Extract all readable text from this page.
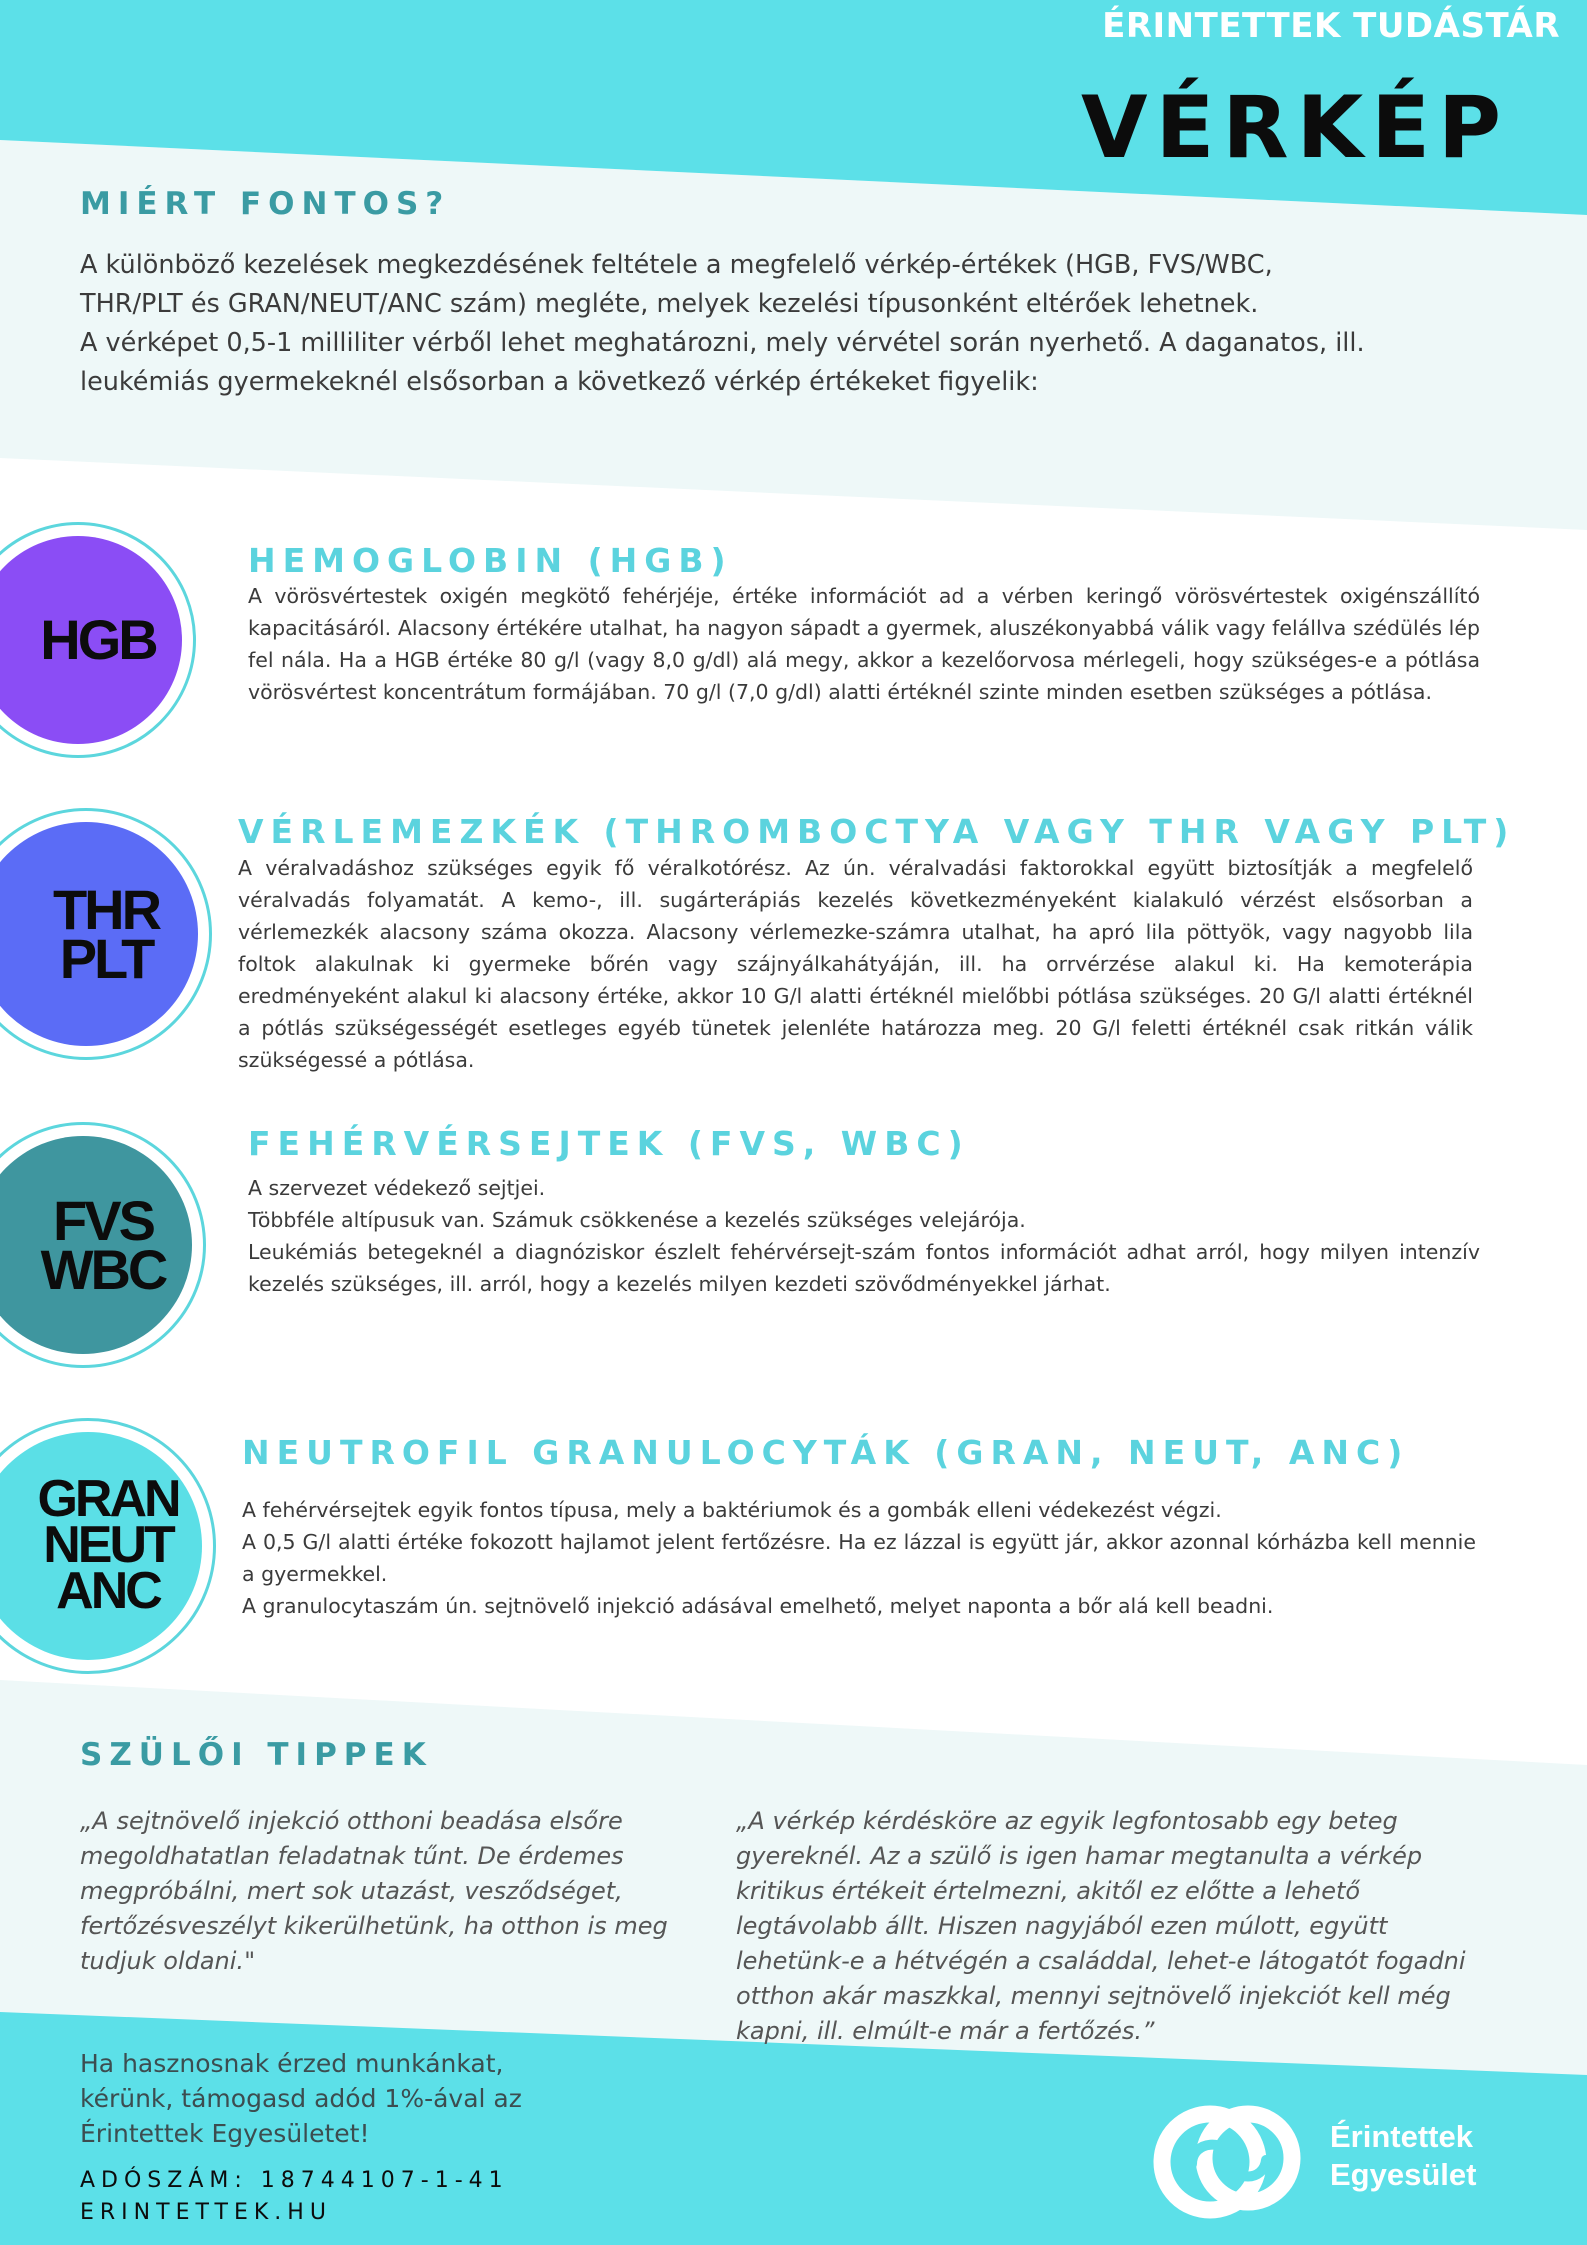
ÉRINTETTEK TUDÁSTÁR
VÉRKÉP
MIÉRT FONTOS?

A különböző kezelések megkezdésének feltétele a megfelelő vérkép-értékek (HGB, FVS/WBC, THR/PLT és GRAN/NEUT/ANC szám) megléte, melyek kezelési típusonként eltérőek lehetnek.

A vérképet 0,5-1 milliliter vérből lehet meghatározni, mely vérvétel során nyerhető. A daganatos, ill. leukémiás gyermekeknél elsősorban a következő vérkép értékeket figyelik:

HGB
HEMOGLOBIN (HGB)

A vörösvértestek oxigén megkötő fehérjéje, értéke információt ad a vérben keringő vörösvértestek oxigénszállító kapacitásáról. Alacsony értékére utalhat, ha nagyon sápadt a gyermek, aluszékonyabbá válik vagy felállva szédülés lép fel nála. Ha a HGB értéke 80 g/l (vagy 8,0 g/dl) alá megy, akkor a kezelőorvosa mérlegeli, hogy szükséges-e a pótlása vörösvértest koncentrátum formájában. 70 g/l (7,0 g/dl) alatti értéknél szinte minden esetben szükséges a pótlása.

THR
PLT
VÉRLEMEZKÉK (THROMBOCTYA VAGY THR VAGY PLT)

A véralvadáshoz szükséges egyik fő véralkotórész. Az ún. véralvadási faktorokkal együtt biztosítják a megfelelő véralvadás folyamatát. A kemo-, ill. sugárterápiás kezelés következményeként kialakuló vérzést elsősorban a vérlemezkék alacsony száma okozza. Alacsony vérlemezke-számra utalhat, ha apró lila pöttyök, vagy nagyobb lila foltok alakulnak ki gyermeke bőrén vagy szájnyálkahátyáján, ill. ha orrvérzése alakul ki. Ha kemoterápia eredményeként alakul ki alacsony értéke, akkor 10 G/l alatti értéknél mielőbbi pótlása szükséges. 20 G/l alatti értéknél a pótlás szükségességét esetleges egyéb tünetek jelenléte határozza meg. 20 G/l feletti értéknél csak ritkán válik szükségessé a pótlása.

FVS
WBC
FEHÉRVÉRSEJTEK (FVS, WBC)

A szervezet védekező sejtjei.

Többféle altípusuk van. Számuk csökkenése a kezelés szükséges velejárója.

Leukémiás betegeknél a diagnóziskor észlelt fehérvérsejt-szám fontos információt adhat arról, hogy milyen intenzív kezelés szükséges, ill. arról, hogy a kezelés milyen kezdeti szövődményekkel járhat.

GRAN
NEUT
ANC
NEUTROFIL GRANULOCYTÁK (GRAN, NEUT, ANC)

A fehérvérsejtek egyik fontos típusa, mely a baktériumok és a gombák elleni védekezést végzi.

A 0,5 G/l alatti értéke fokozott hajlamot jelent fertőzésre. Ha ez lázzal is együtt jár, akkor azonnal kórházba kell mennie a gyermekkel.

A granulocytaszám ún. sejtnövelő injekció adásával emelhető, melyet naponta a bőr alá kell beadni.

SZÜLŐI TIPPEK
„A sejtnövelő injekció otthoni beadása elsőre megoldhatatlan feladatnak tűnt. De érdemes megpróbálni, mert sok utazást, vesződséget, fertőzésveszélyt kikerülhetünk, ha otthon is meg tudjuk oldani."
„A vérkép kérdésköre az egyik legfontosabb egy beteg gyereknél. Az a szülő is igen hamar megtanulta a vérkép kritikus értékeit értelmezni, akitől ez előtte a lehető legtávolabb állt. Hiszen nagyjából ezen múlott, együtt lehetünk-e a hétvégén a családdal, lehet-e látogatót fogadni otthon akár maszkkal, mennyi sejtnövelő injekciót kell még kapni, ill. elmúlt-e már a fertőzés.”
Ha hasznosnak érzed munkánkat, kérünk, támogasd adód 1%-ával az Érintettek Egyesületet!
ADÓSZÁM: 18744107-1-41
ERINTETTEK.HU
Érintettek
Egyesület
